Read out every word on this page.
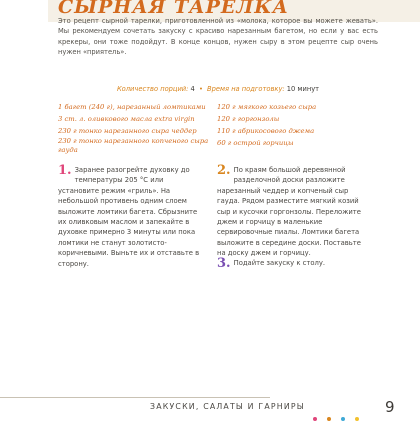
СЫРНАЯ ТАРЕЛКА
Это рецепт сырной тарелки, приготовленной из «молока, которое вы можете жевать». Мы рекомендуем сочетать закуску с красиво нарезанным багетом, но если у вас есть крекеры, они тоже подойдут. В конце концов, нужен сыру в этом рецепте сыр очень нужен «приятель».
Количество порций: 4 • Время на подготовку: 10 минут
1 багет (240 г), нарезанный ломтиками
3 ст. л. оливкового масла extra virgin
230 г тонко нарезанного сыра чеддер
230 г тонко нарезанного копченого сыра гауда
120 г мягкого козьего сыра
120 г горгонзолы
110 г абрикосового джема
60 г острой горчицы
1. Заранее разогрейте духовку до температуры 205 °С или установите режим «гриль». На небольшой противень одним слоем выложите ломтики багета. Сбрызните их оливковым маслом и запекайте в духовке примерно 3 минуты или пока ломтики не станут золотисто-коричневыми. Выньте их и отставьте в сторону.
2. По краям большой деревянной разделочной доски разложите нарезанный чеддер и копченый сыр гауда. Рядом разместите мягкий козий сыр и кусочки горгонзолы. Переложите джем и горчицу в маленькие сервировочные пиалы. Ломтики багета выложите в середине доски. Поставьте на доску джем и горчицу.
3. Подайте закуску к столу.
ЗАКУСКИ, САЛАТЫ И ГАРНИРЫ
	9
